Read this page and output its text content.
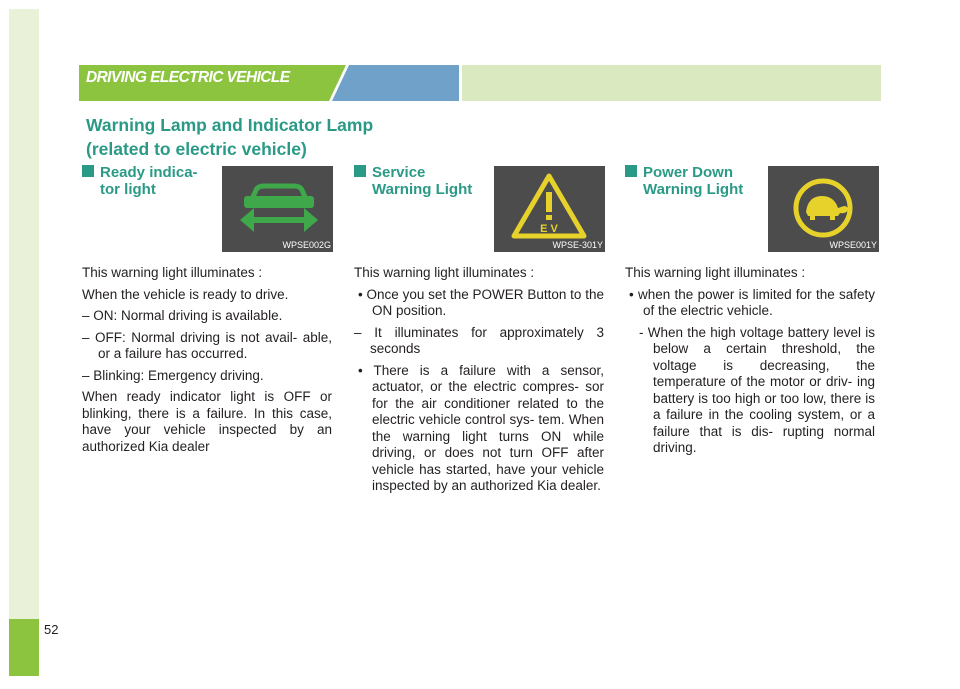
52
DRIVING ELECTRIC VEHICLE
Warning Lamp and Indicator Lamp
(related to electric vehicle)
Ready indica-
tor light
WPSE002G

This warning light illuminates :

When the vehicle is ready to drive.

– ON: Normal driving is available.

– OFF: Normal driving is not avail- able, or a failure has occurred.

– Blinking: Emergency driving.

When ready indicator light is OFF or blinking, there is a failure. In this case, have your vehicle inspected by an authorized Kia dealer

Service
Warning Light
E V
WPSE-301Y

This warning light illuminates :

• Once you set the POWER Button to the ON position.

– It illuminates for approximately 3 seconds

• There is a failure with a sensor, actuator, or the electric compres- sor for the air conditioner related to the electric vehicle control sys- tem. When the warning light turns ON while driving, or does not turn OFF after vehicle has started, have your vehicle inspected by an authorized Kia dealer.

Power Down
Warning Light
WPSE001Y

This warning light illuminates :

• when the power is limited for the safety of the electric vehicle.

- When the high voltage battery level is below a certain threshold, the voltage is decreasing, the temperature of the motor or driv- ing battery is too high or too low, there is a failure in the cooling system, or a failure that is dis- rupting normal driving.
